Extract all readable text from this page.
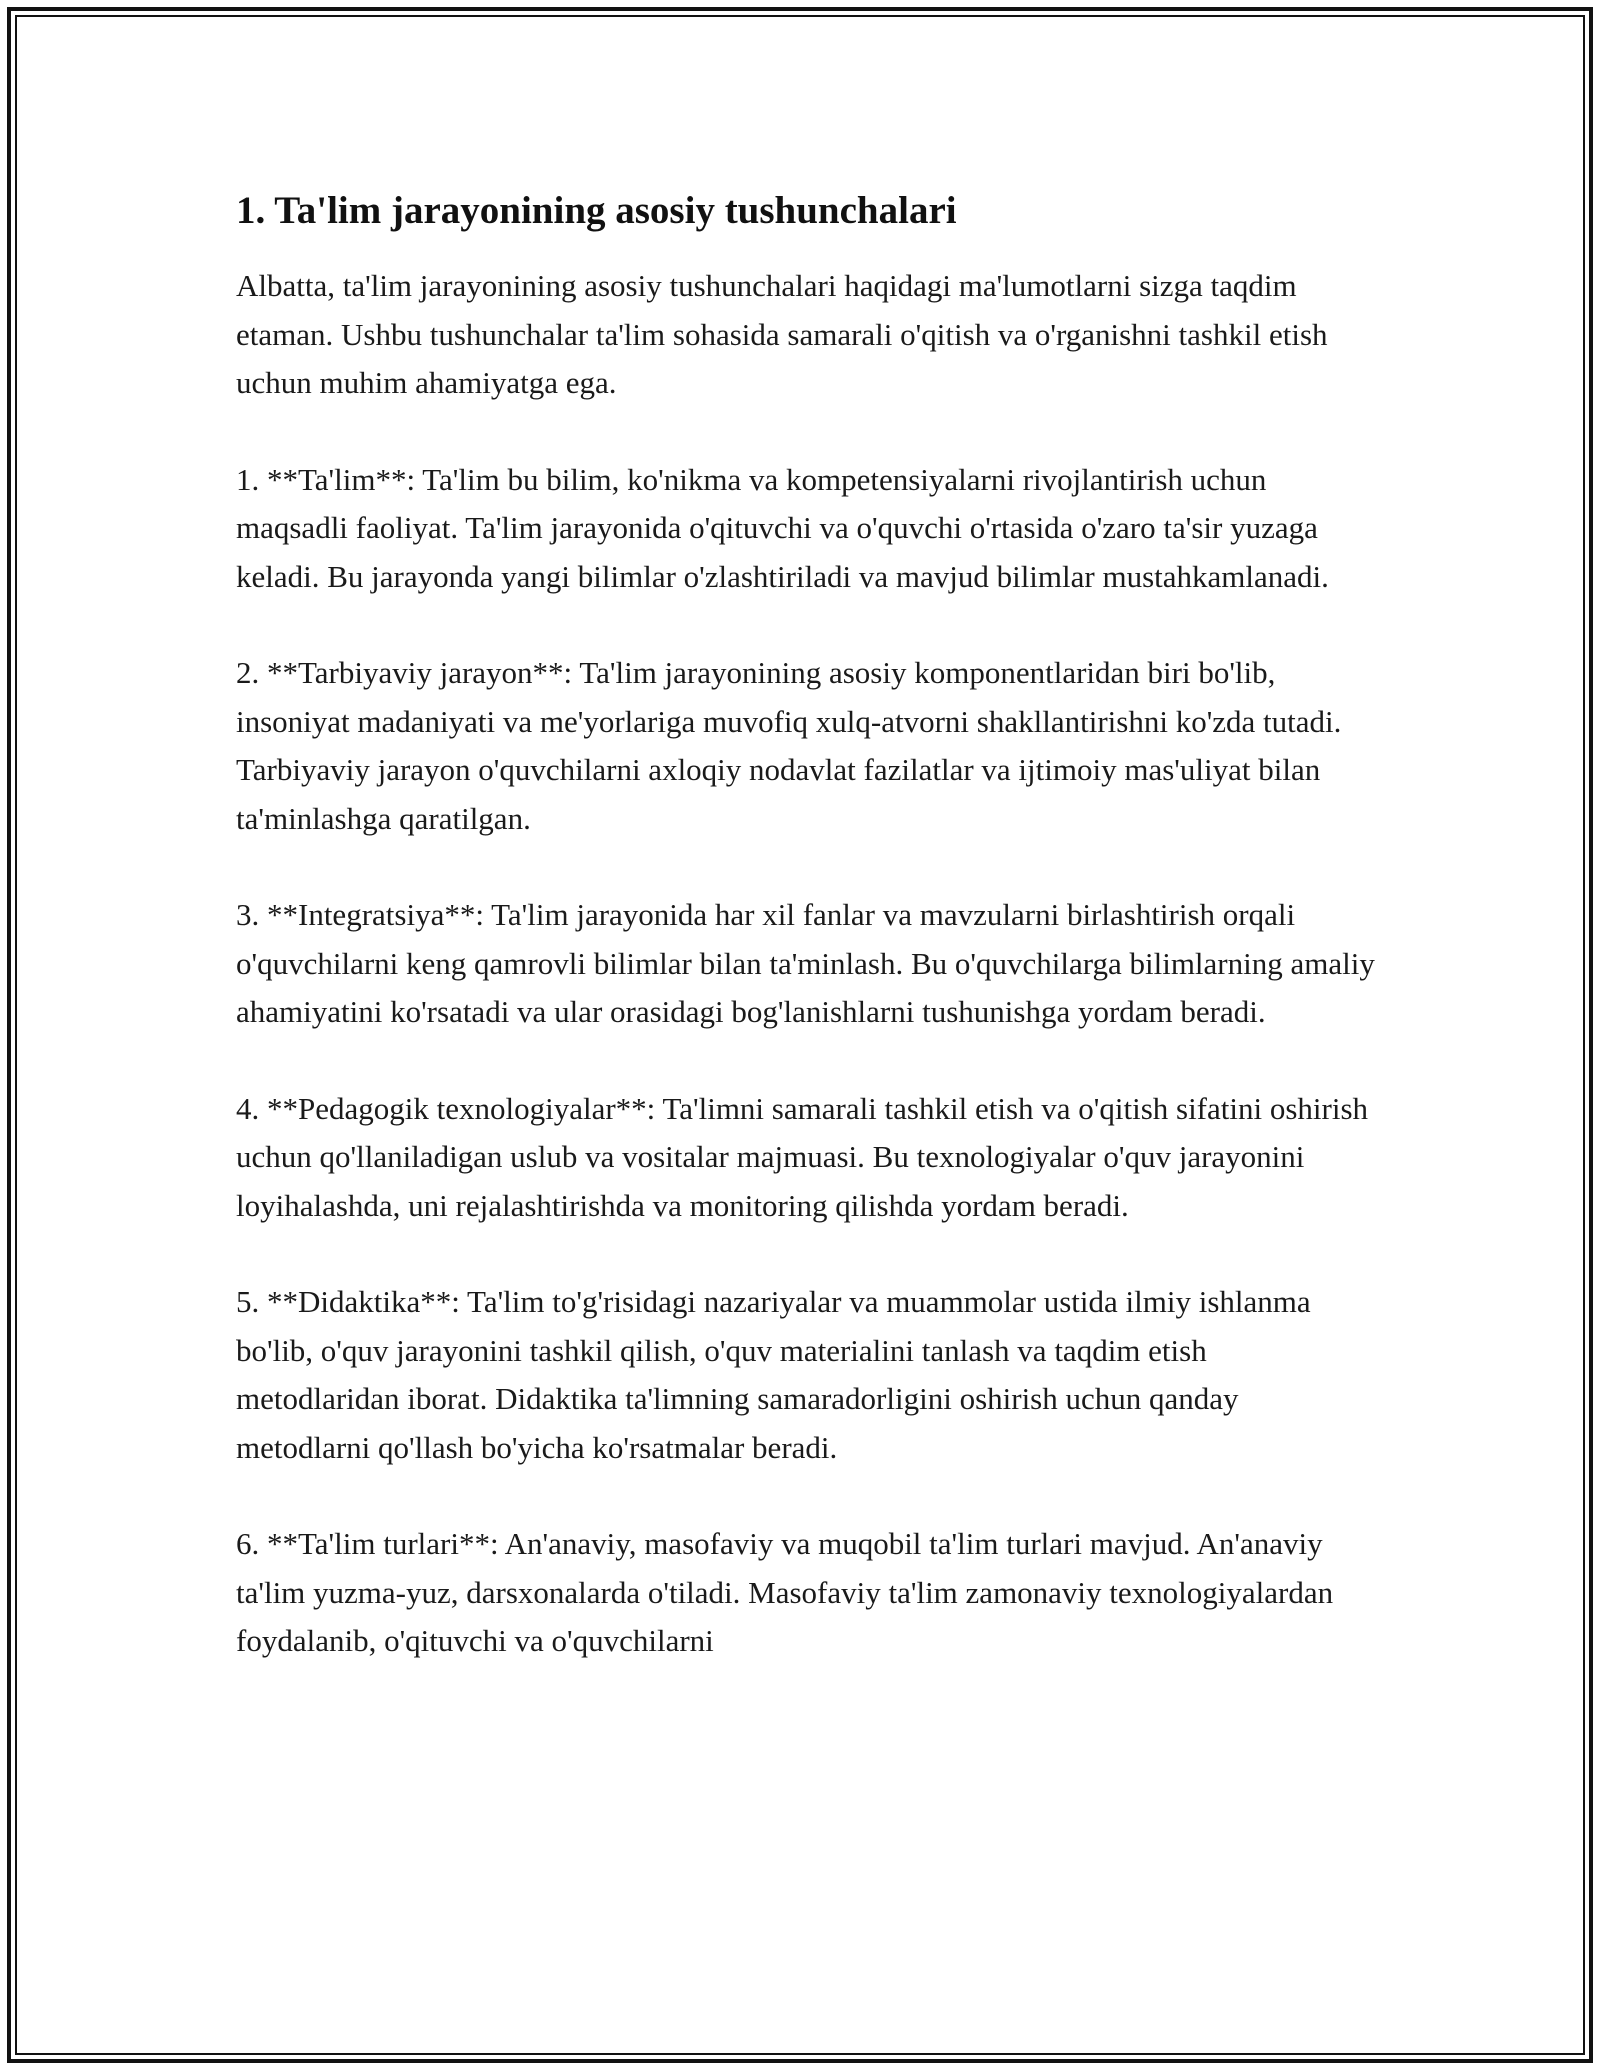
1. Ta'lim jarayonining asosiy tushunchalari

Albatta, ta'lim jarayonining asosiy tushunchalari haqidagi ma'lumotlarni sizga taqdim etaman. Ushbu tushunchalar ta'lim sohasida samarali o'qitish va o'rganishni tashkil etish uchun muhim ahamiyatga ega.

1. **Ta'lim**: Ta'lim bu bilim, ko'nikma va kompetensiyalarni rivojlantirish uchun maqsadli faoliyat. Ta'lim jarayonida o'qituvchi va o'quvchi o'rtasida o'zaro ta'sir yuzaga keladi. Bu jarayonda yangi bilimlar o'zlashtiriladi va mavjud bilimlar mustahkamlanadi.

2. **Tarbiyaviy jarayon**: Ta'lim jarayonining asosiy komponentlaridan biri bo'lib, insoniyat madaniyati va me'yorlariga muvofiq xulq-atvorni shakllantirishni ko'zda tutadi. Tarbiyaviy jarayon o'quvchilarni axloqiy nodavlat fazilatlar va ijtimoiy mas'uliyat bilan ta'minlashga qaratilgan.

3. **Integratsiya**: Ta'lim jarayonida har xil fanlar va mavzularni birlashtirish orqali o'quvchilarni keng qamrovli bilimlar bilan ta'minlash. Bu o'quvchilarga bilimlarning amaliy ahamiyatini ko'rsatadi va ular orasidagi bog'lanishlarni tushunishga yordam beradi.

4. **Pedagogik texnologiyalar**: Ta'limni samarali tashkil etish va o'qitish sifatini oshirish uchun qo'llaniladigan uslub va vositalar majmuasi. Bu texnologiyalar o'quv jarayonini loyihalashda, uni rejalashtirishda va monitoring qilishda yordam beradi.

5. **Didaktika**: Ta'lim to'g'risidagi nazariyalar va muammolar ustida ilmiy ishlanma bo'lib, o'quv jarayonini tashkil qilish, o'quv materialini tanlash va taqdim etish metodlaridan iborat. Didaktika ta'limning samaradorligini oshirish uchun qanday metodlarni qo'llash bo'yicha ko'rsatmalar beradi.

6. **Ta'lim turlari**: An'anaviy, masofaviy va muqobil ta'lim turlari mavjud. An'anaviy ta'lim yuzma-yuz, darsxonalarda o'tiladi. Masofaviy ta'lim zamonaviy texnologiyalardan foydalanib, o'qituvchi va o'quvchilarni
